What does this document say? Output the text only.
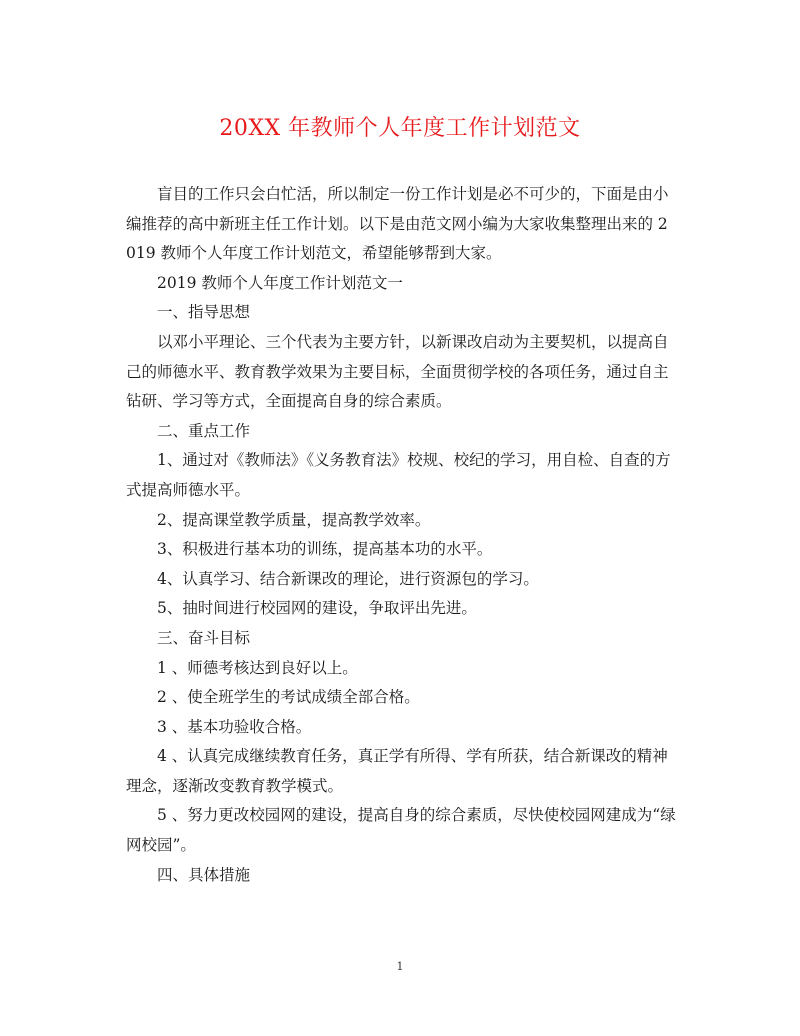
20XX 年教师个人年度工作计划范文

盲目的工作只会白忙活，所以制定一份工作计划是必不可少的，下面是由小编推荐的高中新班主任工作计划。以下是由范文网小编为大家收集整理出来的 2019 教师个人年度工作计划范文，希望能够帮到大家。

2019 教师个人年度工作计划范文一

一、指导思想

以邓小平理论、三个代表为主要方针，以新课改启动为主要契机，以提高自己的师德水平、教育教学效果为主要目标，全面贯彻学校的各项任务，通过自主钻研、学习等方式，全面提高自身的综合素质。

二、重点工作

1、通过对《教师法》《义务教育法》校规、校纪的学习，用自检、自查的方式提高师德水平。

2、提高课堂教学质量，提高教学效率。

3、积极进行基本功的训练，提高基本功的水平。

4、认真学习、结合新课改的理论，进行资源包的学习。

5、抽时间进行校园网的建设，争取评出先进。

三、奋斗目标

1 、师德考核达到良好以上。

2 、使全班学生的考试成绩全部合格。

3 、基本功验收合格。

4 、认真完成继续教育任务，真正学有所得、学有所获，结合新课改的精神理念，逐渐改变教育教学模式。

5 、努力更改校园网的建设，提高自身的综合素质，尽快使校园网建成为“绿网校园”。

四、具体措施

1
